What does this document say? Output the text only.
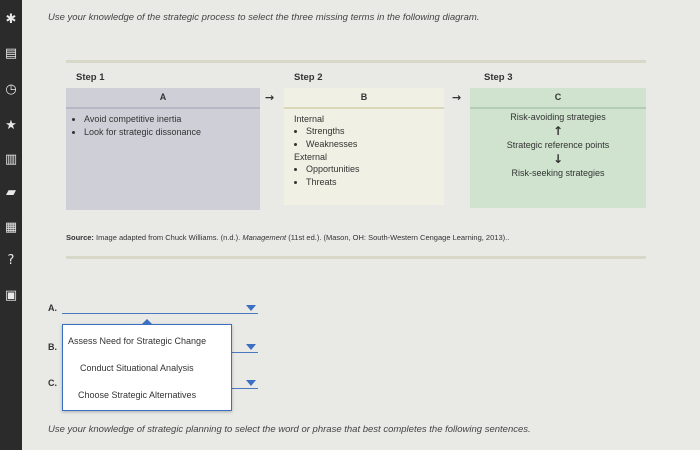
✱
▤
◷
★
▥
▰
▦
?
▣
Use your knowledge of the strategic process to select the three missing terms in the following diagram.
Step 1	Step 2	Step 3
A
• Avoid competitive inertia
• Look for strategic dissonance
→	B
Internal
• Strengths
• Weaknesses
External
• Opportunities
• Threats
→	C
Risk-avoiding strategies
↑
Strategic reference points
↓
Risk-seeking strategies
Source: Image adapted from Chuck Williams. (n.d.). Management (11st ed.). (Mason, OH: South-Western Cengage Learning, 2013)..
A.
B.
C.
Assess Need for Strategic Change
Conduct Situational Analysis
Choose Strategic Alternatives
Use your knowledge of strategic planning to select the word or phrase that best completes the following sentences.
